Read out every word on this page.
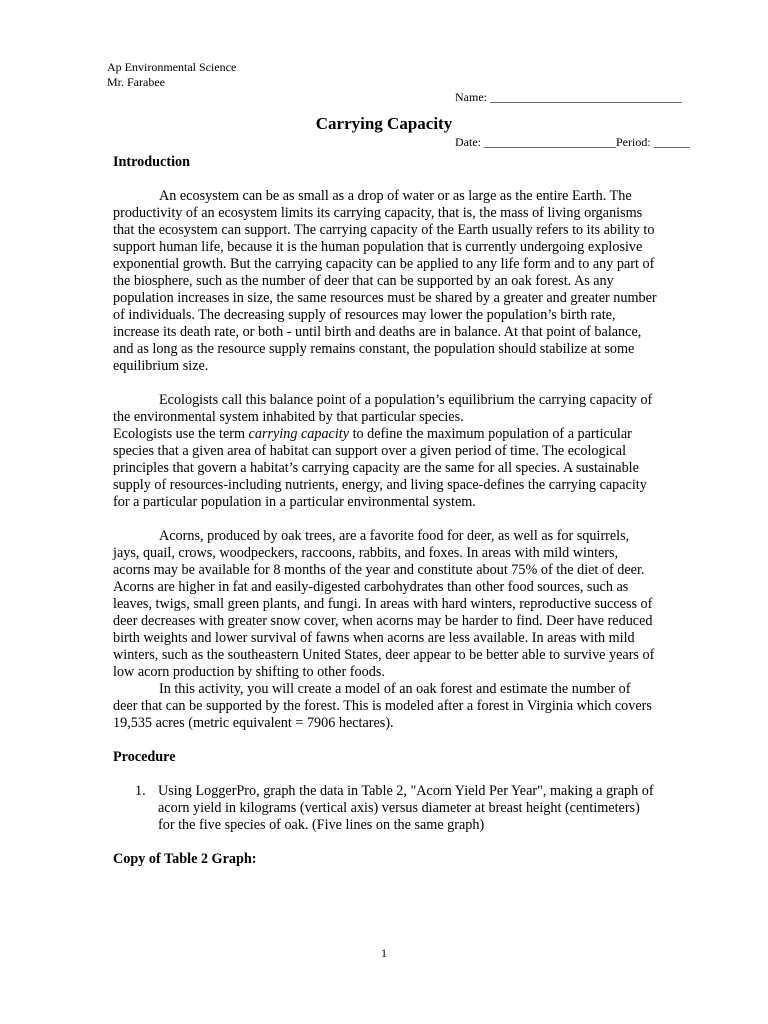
Ap Environmental Science
Mr. Farabee

Name: ________________________________

Date: ______________________Period: ______

Carrying Capacity

Introduction

An ecosystem can be as small as a drop of water or as large as the entire Earth. The productivity of an ecosystem limits its carrying capacity, that is, the mass of living organisms that the ecosystem can support. The carrying capacity of the Earth usually refers to its ability to support human life, because it is the human population that is currently undergoing explosive exponential growth. But the carrying capacity can be applied to any life form and to any part of the biosphere, such as the number of deer that can be supported by an oak forest. As any population increases in size, the same resources must be shared by a greater and greater number of individuals. The decreasing supply of resources may lower the population’s birth rate, increase its death rate, or both - until birth and deaths are in balance. At that point of balance, and as long as the resource supply remains constant, the population should stabilize at some equilibrium size.

Ecologists call this balance point of a population’s equilibrium the carrying capacity of the environmental system inhabited by that particular species.

Ecologists use the term carrying capacity to define the maximum population of a particular species that a given area of habitat can support over a given period of time. The ecological principles that govern a habitat’s carrying capacity are the same for all species. A sustainable supply of resources-including nutrients, energy, and living space-defines the carrying capacity for a particular population in a particular environmental system.

Acorns, produced by oak trees, are a favorite food for deer, as well as for squirrels, jays, quail, crows, woodpeckers, raccoons, rabbits, and foxes. In areas with mild winters, acorns may be available for 8 months of the year and constitute about 75% of the diet of deer. Acorns are higher in fat and easily-digested carbohydrates than other food sources, such as leaves, twigs, small green plants, and fungi. In areas with hard winters, reproductive success of deer decreases with greater snow cover, when acorns may be harder to find. Deer have reduced birth weights and lower survival of fawns when acorns are less available. In areas with mild winters, such as the southeastern United States, deer appear to be better able to survive years of low acorn production by shifting to other foods.

In this activity, you will create a model of an oak forest and estimate the number of deer that can be supported by the forest. This is modeled after a forest in Virginia which covers 19,535 acres (metric equivalent = 7906 hectares).

Procedure

1. Using LoggerPro, graph the data in Table 2, "Acorn Yield Per Year", making a graph of acorn yield in kilograms (vertical axis) versus diameter at breast height (centimeters) for the five species of oak. (Five lines on the same graph)

Copy of Table 2 Graph:

1
